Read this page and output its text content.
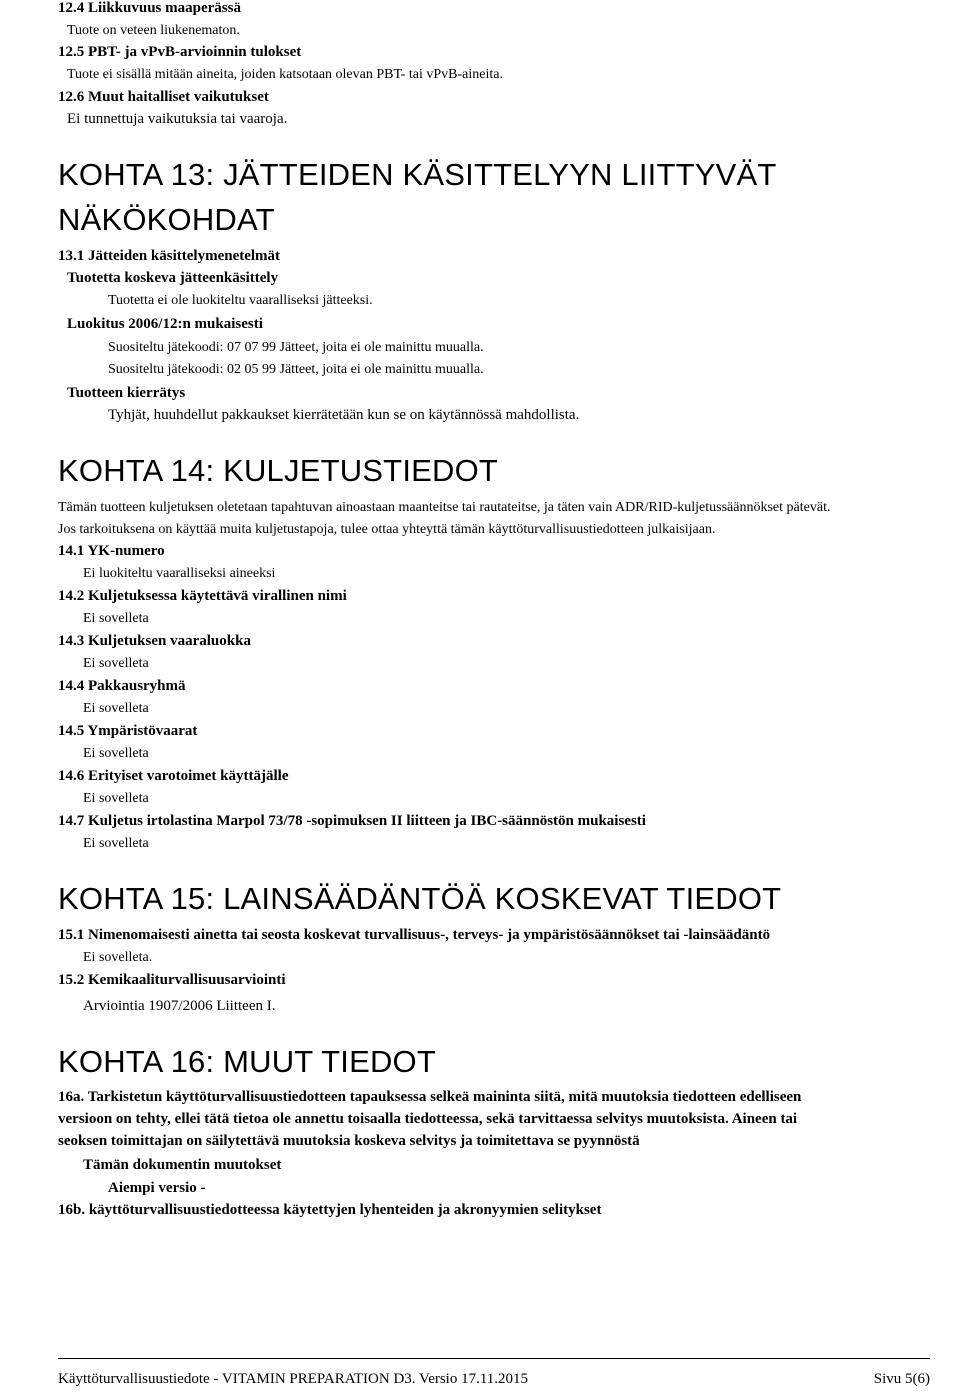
12.4 Liikkuvuus maaperässä
Tuote on veteen liukenematon.
12.5 PBT- ja vPvB-arvioinnin tulokset
Tuote ei sisällä mitään aineita, joiden katsotaan olevan PBT- tai vPvB-aineita.
12.6 Muut haitalliset vaikutukset
Ei tunnettuja vaikutuksia tai vaaroja.
KOHTA 13: JÄTTEIDEN KÄSITTELYYN LIITTYVÄT
NÄKÖKOHDAT
13.1 Jätteiden käsittelymenetelmät
Tuotetta koskeva jätteenkäsittely
Tuotetta ei ole luokiteltu vaaralliseksi jätteeksi.
Luokitus 2006/12:n mukaisesti
Suositeltu jätekoodi: 07 07 99 Jätteet, joita ei ole mainittu muualla.
Suositeltu jätekoodi: 02 05 99 Jätteet, joita ei ole mainittu muualla.
Tuotteen kierrätys
Tyhjät, huuhdellut pakkaukset kierrätetään kun se on käytännössä mahdollista.
KOHTA 14: KULJETUSTIEDOT
Tämän tuotteen kuljetuksen oletetaan tapahtuvan ainoastaan maanteitse tai rautateitse, ja täten vain ADR/RID-kuljetussäännökset pätevät.
Jos tarkoituksena on käyttää muita kuljetustapoja, tulee ottaa yhteyttä tämän käyttöturvallisuustiedotteen julkaisijaan.
14.1 YK-numero
Ei luokiteltu vaaralliseksi aineeksi
14.2 Kuljetuksessa käytettävä virallinen nimi
Ei sovelleta
14.3 Kuljetuksen vaaraluokka
Ei sovelleta
14.4 Pakkausryhmä
Ei sovelleta
14.5 Ympäristövaarat
Ei sovelleta
14.6 Erityiset varotoimet käyttäjälle
Ei sovelleta
14.7 Kuljetus irtolastina Marpol 73/78 -sopimuksen II liitteen ja IBC-säännöstön mukaisesti
Ei sovelleta
KOHTA 15: LAINSÄÄDÄNTÖÄ KOSKEVAT TIEDOT
15.1 Nimenomaisesti ainetta tai seosta koskevat turvallisuus-, terveys- ja ympäristösäännökset tai -lainsäädäntö
Ei sovelleta.
15.2 Kemikaaliturvallisuusarviointi
Arviointia 1907/2006 Liitteen I.
KOHTA 16: MUUT TIEDOT
16a. Tarkistetun käyttöturvallisuustiedotteen tapauksessa selkeä maininta siitä, mitä muutoksia tiedotteen edelliseen
versioon on tehty, ellei tätä tietoa ole annettu toisaalla tiedotteessa, sekä tarvittaessa selvitys muutoksista. Aineen tai
seoksen toimittajan on säilytettävä muutoksia koskeva selvitys ja toimitettava se pyynnöstä
Tämän dokumentin muutokset
Aiempi versio -
16b. käyttöturvallisuustiedotteessa käytettyjen lyhenteiden ja akronyymien selitykset
Käyttöturvallisuustiedote - VITAMIN PREPARATION D3. Versio 17.11.2015	Sivu 5(6)
